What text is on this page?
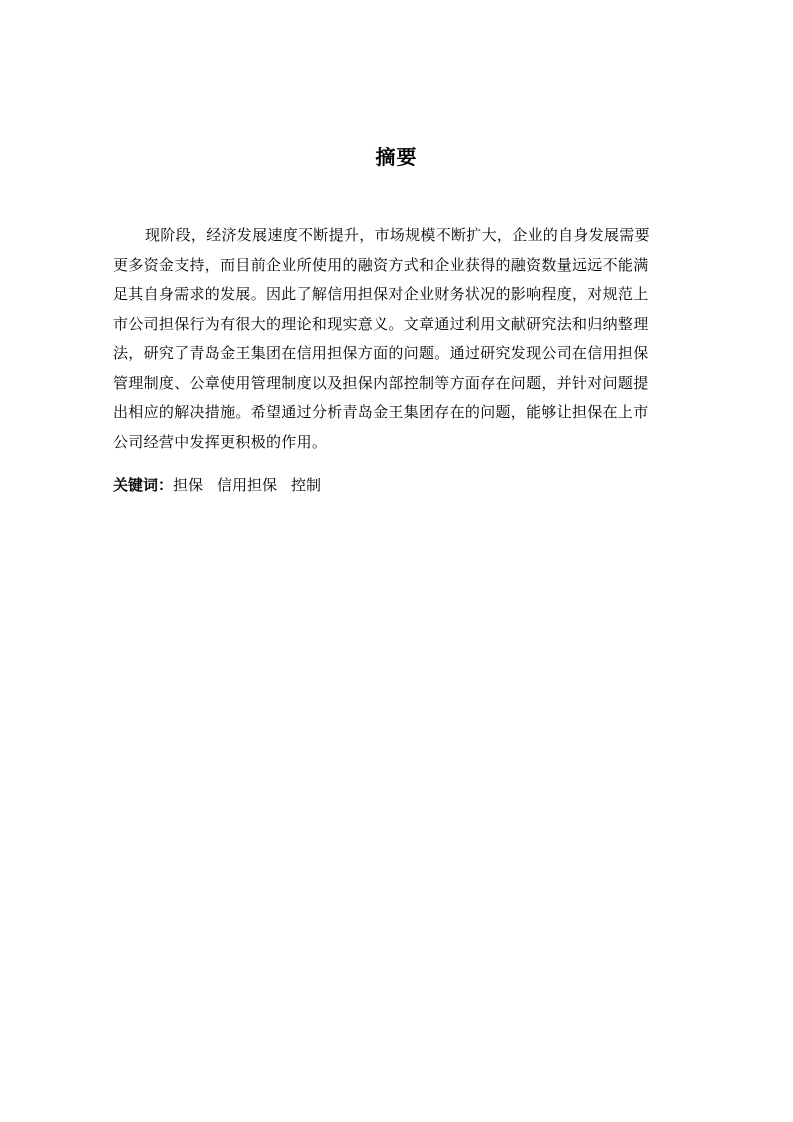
摘要
现阶段，经济发展速度不断提升，市场规模不断扩大，企业的自身发展需要
更多资金支持，而目前企业所使用的融资方式和企业获得的融资数量远远不能满
足其自身需求的发展。因此了解信用担保对企业财务状况的影响程度，对规范上
市公司担保行为有很大的理论和现实意义。文章通过利用文献研究法和归纳整理
法，研究了青岛金王集团在信用担保方面的问题。通过研究发现公司在信用担保
管理制度、公章使用管理制度以及担保内部控制等方面存在问题，并针对问题提
出相应的解决措施。希望通过分析青岛金王集团存在的问题，能够让担保在上市
公司经营中发挥更积极的作用。
关键词：担保 信用担保 控制
